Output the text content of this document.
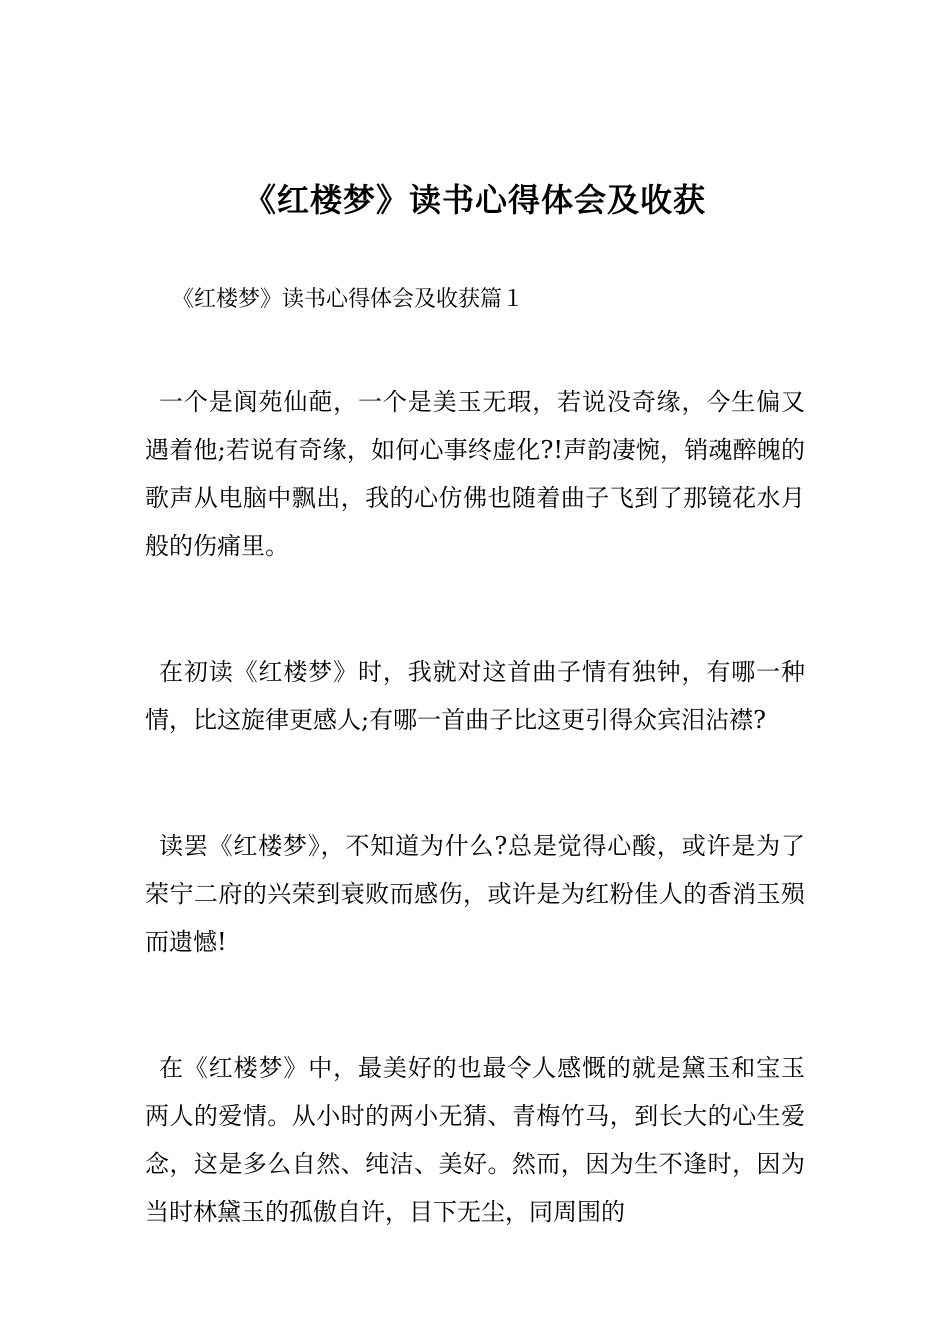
《红楼梦》读书心得体会及收获

《红楼梦》读书心得体会及收获篇１

一个是阆苑仙葩，一个是美玉无瑕，若说没奇缘，今生偏又遇着他;若说有奇缘，如何心事终虚化?!声韵凄惋，销魂醉魄的歌声从电脑中飘出，我的心仿佛也随着曲子飞到了那镜花水月般的伤痛里。

在初读《红楼梦》时，我就对这首曲子情有独钟，有哪一种情，比这旋律更感人;有哪一首曲子比这更引得众宾泪沾襟?

读罢《红楼梦》，不知道为什么?总是觉得心酸，或许是为了荣宁二府的兴荣到衰败而感伤，或许是为红粉佳人的香消玉殒而遗憾!

在《红楼梦》中，最美好的也最令人感慨的就是黛玉和宝玉两人的爱情。从小时的两小无猜、青梅竹马，到长大的心生爱念，这是多么自然、纯洁、美好。然而，因为生不逢时，因为当时林黛玉的孤傲自许，目下无尘，同周围的
